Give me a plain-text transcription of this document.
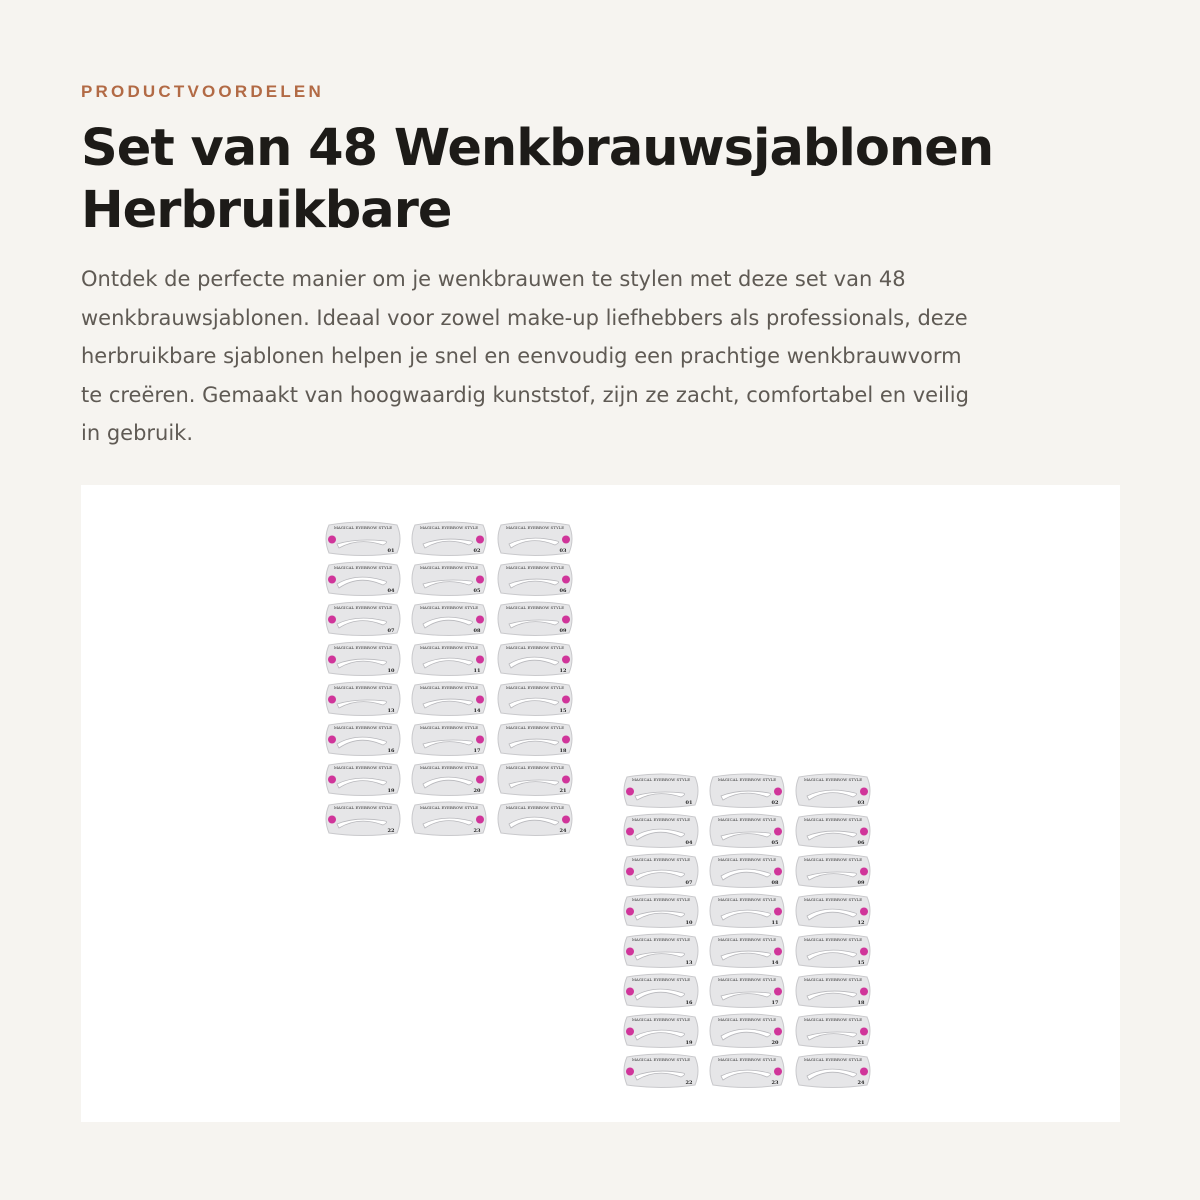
PRODUCTVOORDELEN
Set van 48 Wenkbrauwsjablonen
Herbruikbare

Ontdek de perfecte manier om je wenkbrauwen te stylen met deze set van 48
wenkbrauwsjablonen. Ideaal voor zowel make-up liefhebbers als professionals, deze
herbruikbare sjablonen helpen je snel en eenvoudig een prachtige wenkbrauwvorm
te creëren. Gemaakt van hoogwaardig kunststof, zijn ze zacht, comfortabel en veilig
in gebruik.

MAGICAL EYEBROW STYLE
01
MAGICAL EYEBROW STYLE
02
MAGICAL EYEBROW STYLE
03
MAGICAL EYEBROW STYLE
04
MAGICAL EYEBROW STYLE
05
MAGICAL EYEBROW STYLE
06
MAGICAL EYEBROW STYLE
07
MAGICAL EYEBROW STYLE
08
MAGICAL EYEBROW STYLE
09
MAGICAL EYEBROW STYLE
10
MAGICAL EYEBROW STYLE
11
MAGICAL EYEBROW STYLE
12
MAGICAL EYEBROW STYLE
13
MAGICAL EYEBROW STYLE
14
MAGICAL EYEBROW STYLE
15
MAGICAL EYEBROW STYLE
16
MAGICAL EYEBROW STYLE
17
MAGICAL EYEBROW STYLE
18
MAGICAL EYEBROW STYLE
19
MAGICAL EYEBROW STYLE
20
MAGICAL EYEBROW STYLE
21
MAGICAL EYEBROW STYLE
22
MAGICAL EYEBROW STYLE
23
MAGICAL EYEBROW STYLE
24
MAGICAL EYEBROW STYLE
01
MAGICAL EYEBROW STYLE
02
MAGICAL EYEBROW STYLE
03
MAGICAL EYEBROW STYLE
04
MAGICAL EYEBROW STYLE
05
MAGICAL EYEBROW STYLE
06
MAGICAL EYEBROW STYLE
07
MAGICAL EYEBROW STYLE
08
MAGICAL EYEBROW STYLE
09
MAGICAL EYEBROW STYLE
10
MAGICAL EYEBROW STYLE
11
MAGICAL EYEBROW STYLE
12
MAGICAL EYEBROW STYLE
13
MAGICAL EYEBROW STYLE
14
MAGICAL EYEBROW STYLE
15
MAGICAL EYEBROW STYLE
16
MAGICAL EYEBROW STYLE
17
MAGICAL EYEBROW STYLE
18
MAGICAL EYEBROW STYLE
19
MAGICAL EYEBROW STYLE
20
MAGICAL EYEBROW STYLE
21
MAGICAL EYEBROW STYLE
22
MAGICAL EYEBROW STYLE
23
MAGICAL EYEBROW STYLE
24
